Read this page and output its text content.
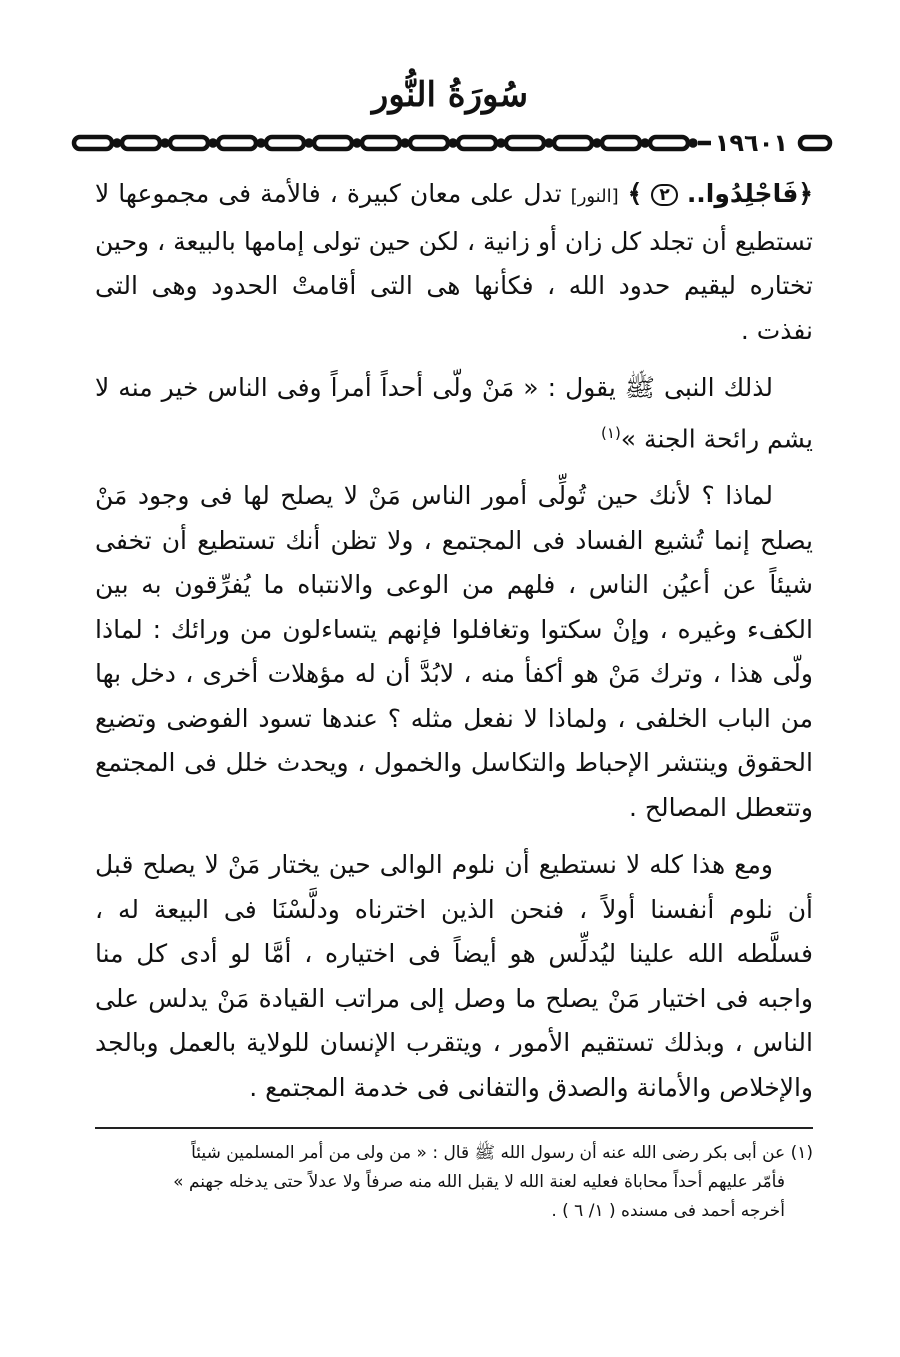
سُورَةُ النُّور
١٩٦٠١

﴿فَاجْلِدُوا.. ٢ ﴾ [النور] تدل على معان كبيرة ، فالأمة فى مجموعها لا تستطيع أن تجلد كل زان أو زانية ، لكن حين تولى إمامها بالبيعة ، وحين تختاره ليقيم حدود الله ، فكأنها هى التى أقامتْ الحدود وهى التى نفذت .

لذلك النبى ﷺ يقول : « مَنْ ولّى أحداً أمراً وفى الناس خير منه لا يشم رائحة الجنة »$^{(١)}$

لماذا ؟ لأنك حين تُولِّى أمور الناس مَنْ لا يصلح لها فى وجود مَنْ يصلح إنما تُشيع الفساد فى المجتمع ، ولا تظن أنك تستطيع أن تخفى شيئاً عن أعيُن الناس ، فلهم من الوعى والانتباه ما يُفرِّقون به بين الكفء وغيره ، وإنْ سكتوا وتغافلوا فإنهم يتساءلون من ورائك : لماذا ولّى هذا ، وترك مَنْ هو أكفأ منه ، لابُدَّ أن له مؤهلات أخرى ، دخل بها من الباب الخلفى ، ولماذا لا نفعل مثله ؟ عندها تسود الفوضى وتضيع الحقوق وينتشر الإحباط والتكاسل والخمول ، ويحدث خلل فى المجتمع وتتعطل المصالح .

ومع هذا كله لا نستطيع أن نلوم الوالى حين يختار مَنْ لا يصلح قبل أن نلوم أنفسنا أولاً ، فنحن الذين اخترناه ودلَّسْنَا فى البيعة له ، فسلَّطه الله علينا ليُدلِّس هو أيضاً فى اختياره ، أمَّا لو أدى كل منا واجبه فى اختيار مَنْ يصلح ما وصل إلى مراتب القيادة مَنْ يدلس على الناس ، وبذلك تستقيم الأمور ، ويتقرب الإنسان للولاية بالعمل وبالجد والإخلاص والأمانة والصدق والتفانى فى خدمة المجتمع .

(١) عن أبى بكر رضى الله عنه أن رسول الله ﷺ قال : « من ولى من أمر المسلمين شيئاً

فأمّر عليهم أحداً محاباة فعليه لعنة الله لا يقبل الله منه صرفاً ولا عدلاً حتى يدخله جهنم »

أخرجه أحمد فى مسنده ( ١/ ٦ ) .
